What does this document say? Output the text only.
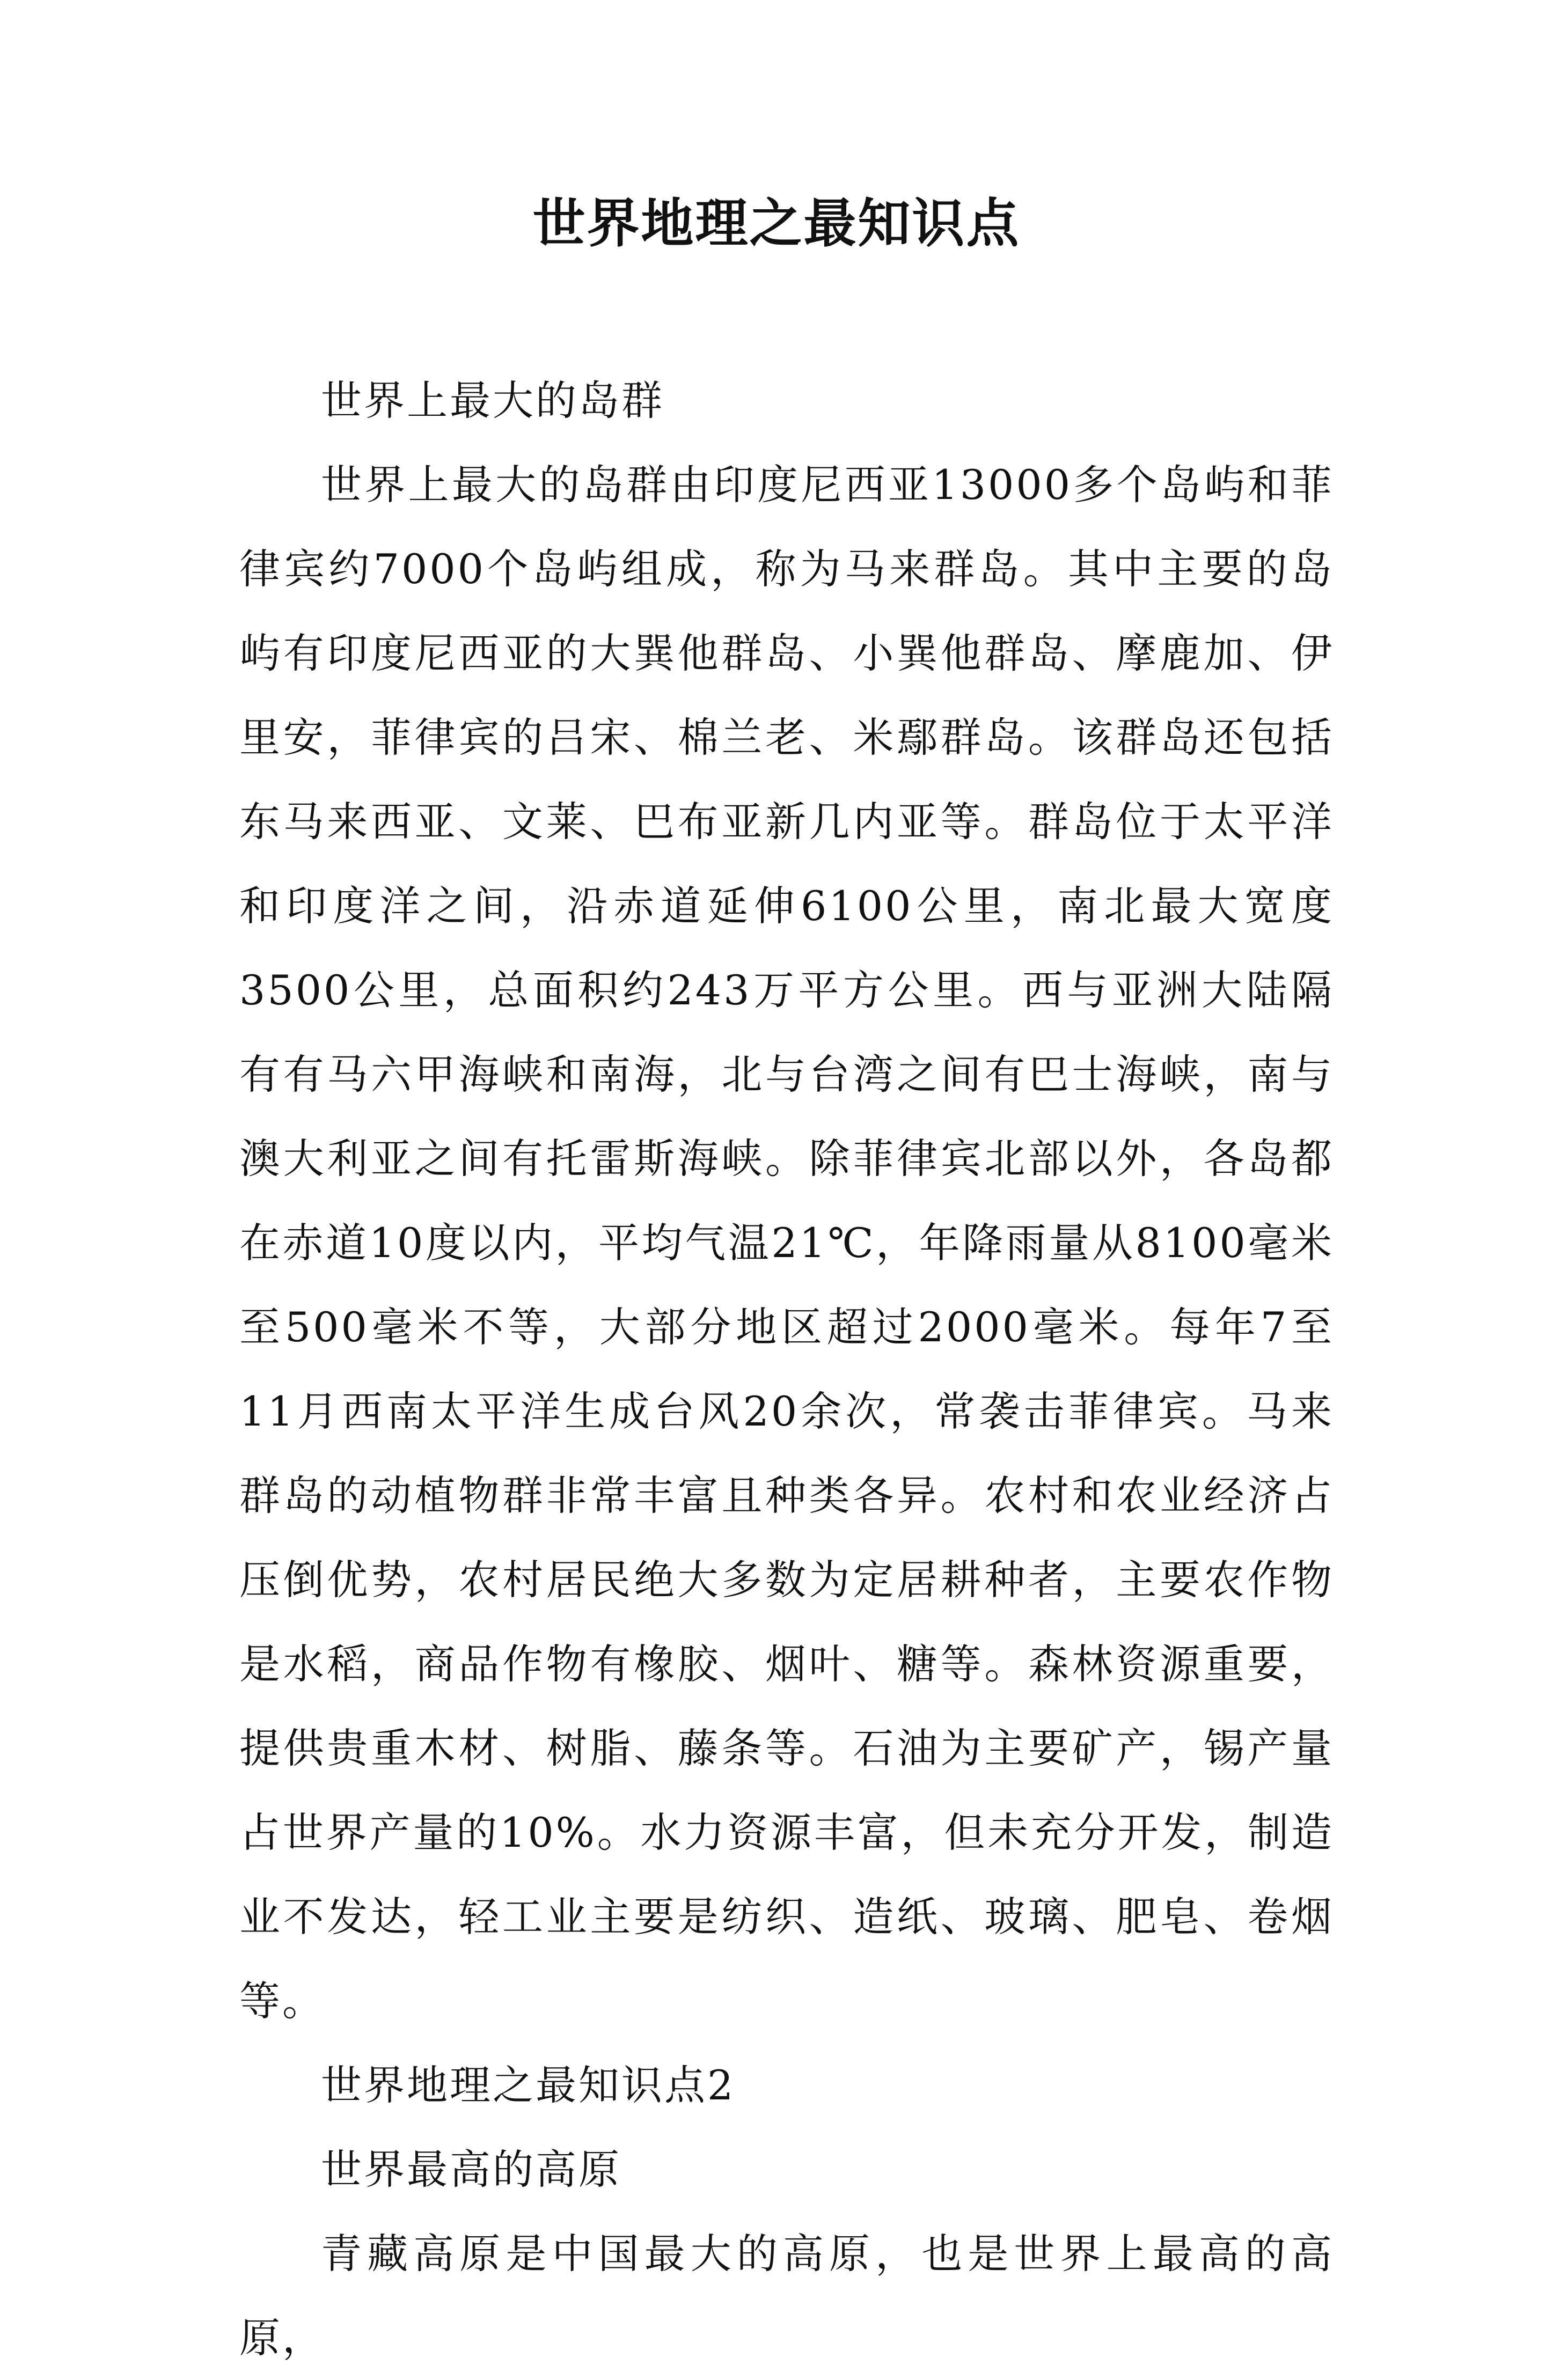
世界地理之最知识点

世界上最大的岛群

世界上最大的岛群由印度尼西亚13000多个岛屿和菲律宾约7000个岛屿组成，称为马来群岛。其中主要的岛屿有印度尼西亚的大巽他群岛、小巽他群岛、摩鹿加、伊里安，菲律宾的吕宋、棉兰老、米鄢群岛。该群岛还包括东马来西亚、文莱、巴布亚新几内亚等。群岛位于太平洋和印度洋之间，沿赤道延伸6100公里，南北最大宽度3500公里，总面积约243万平方公里。西与亚洲大陆隔有有马六甲海峡和南海，北与台湾之间有巴士海峡，南与澳大利亚之间有托雷斯海峡。除菲律宾北部以外，各岛都在赤道10度以内，平均气温21℃，年降雨量从8100毫米至500毫米不等，大部分地区超过2000毫米。每年7至11月西南太平洋生成台风20余次，常袭击菲律宾。马来群岛的动植物群非常丰富且种类各异。农村和农业经济占压倒优势，农村居民绝大多数为定居耕种者，主要农作物是水稻，商品作物有橡胶、烟叶、糖等。森林资源重要，提供贵重木材、树脂、藤条等。石油为主要矿产，锡产量占世界产量的10%。水力资源丰富，但未充分开发，制造业不发达，轻工业主要是纺织、造纸、玻璃、肥皂、卷烟等。

世界地理之最知识点2

世界最高的高原

青藏高原是中国最大的高原，也是世界上最高的高原，
